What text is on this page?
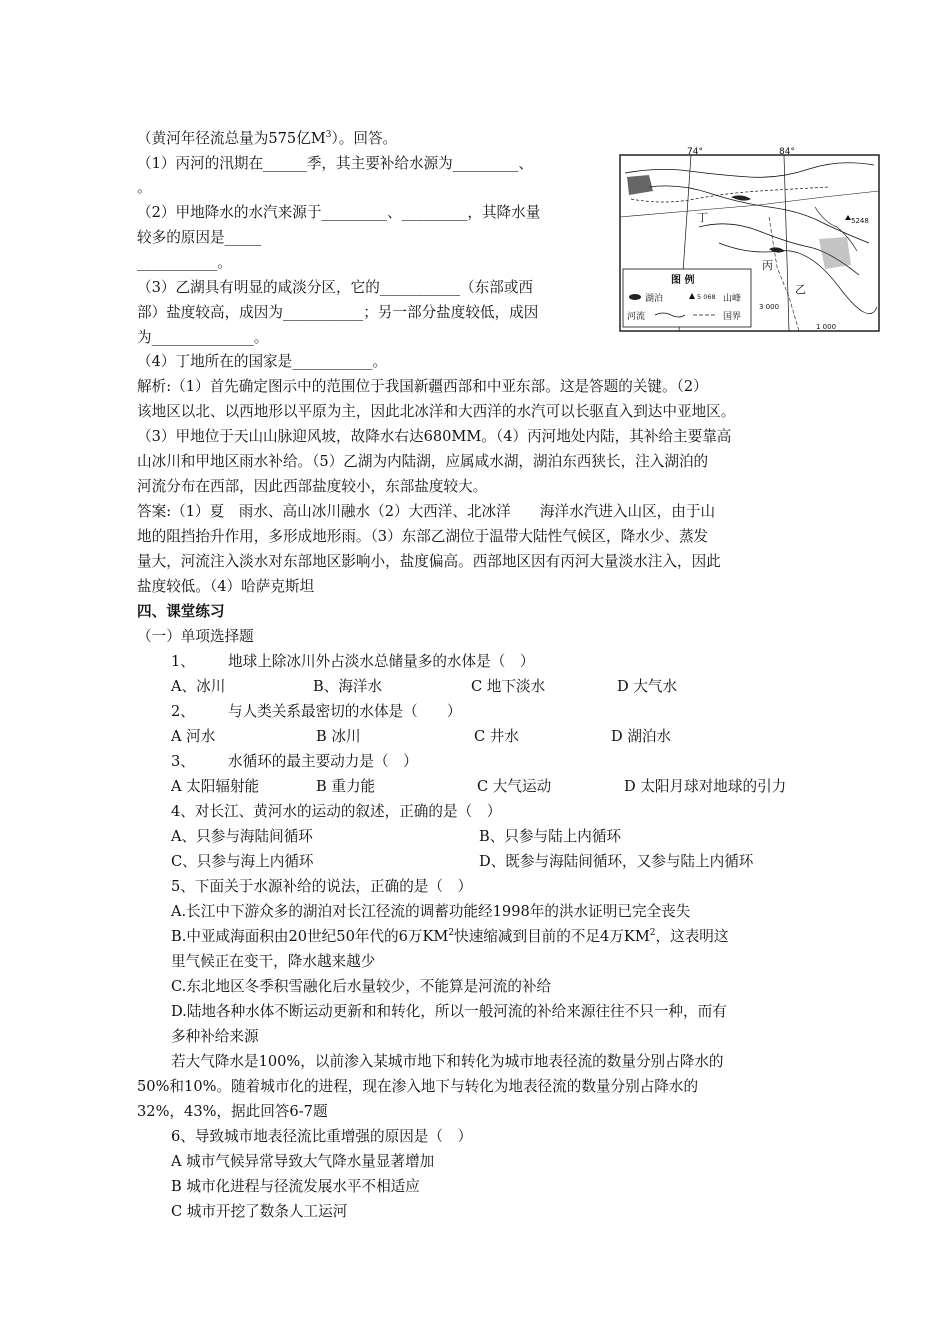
（黄河年径流总量为575亿$M^3$）。回答。
（1）丙河的汛期在______季，其主要补给水源为_________、
。
（2）甲地降水的水汽来源于_________、_________，其降水量
较多的原因是_____
___________。
（3）乙湖具有明显的咸淡分区，它的___________（东部或西
部）盐度较高，成因为___________；另一部分盐度较低，成因
为______________。
（4）丁地所在的国家是___________。
74°	84°
5248
丁
丙
乙
3 000
1 000
图 例
湖泊	5 068 山峰
河流	国界
解析:（1）首先确定图示中的范围位于我国新疆西部和中亚东部。这是答题的关键。（2）
该地区以北、以西地形以平原为主，因此北冰洋和大西洋的水汽可以长驱直入到达中亚地区。
（3）甲地位于天山山脉迎风坡，故降水右达680MM。（4）丙河地处内陆，其补给主要靠高
山冰川和甲地区雨水补给。（5）乙湖为内陆湖，应属咸水湖，湖泊东西狭长，注入湖泊的
河流分布在西部，因此西部盐度较小，东部盐度较大。
答案:（1）夏　雨水、高山冰川融水（2）大西洋、北冰洋　　海洋水汽进入山区，由于山
地的阻挡抬升作用，多形成地形雨。（3）东部乙湖位于温带大陆性气候区，降水少、蒸发
量大，河流注入淡水对东部地区影响小，盐度偏高。西部地区因有丙河大量淡水注入，因此
盐度较低。（4）哈萨克斯坦
四、课堂练习
（一）单项选择题
1、 地球上除冰川外占淡水总储量多的水体是（　）
A、冰川	B、海洋水	C 地下淡水	D 大气水
2、 与人类关系最密切的水体是（　　）
A 河水	B 冰川	C 井水	D 湖泊水
3、 水循环的最主要动力是（　）
A 太阳辐射能	B 重力能	C 大气运动	D 太阳月球对地球的引力
4、对长江、黄河水的运动的叙述，正确的是（　）
A、只参与海陆间循环	B、只参与陆上内循环
C、只参与海上内循环	D、既参与海陆间循环，又参与陆上内循环
5、下面关于水源补给的说法，正确的是（　）
A.长江中下游众多的湖泊对长江径流的调蓄功能经1998年的洪水证明已完全丧失
B.中亚咸海面积由20世纪50年代的6万$KM^2$快速缩减到目前的不足4万$KM^2$，这表明这
里气候正在变干，降水越来越少
C.东北地区冬季积雪融化后水量较少，不能算是河流的补给
D.陆地各种水体不断运动更新和和转化，所以一般河流的补给来源往往不只一种，而有
多种补给来源
若大气降水是100%，以前渗入某城市地下和转化为城市地表径流的数量分别占降水的
50%和10%。随着城市化的进程，现在渗入地下与转化为地表径流的数量分别占降水的
32%，43%，据此回答6-7题
6、导致城市地表径流比重增强的原因是（　）
A 城市气候异常导致大气降水量显著增加
B 城市化进程与径流发展水平不相适应
C 城市开挖了数条人工运河
